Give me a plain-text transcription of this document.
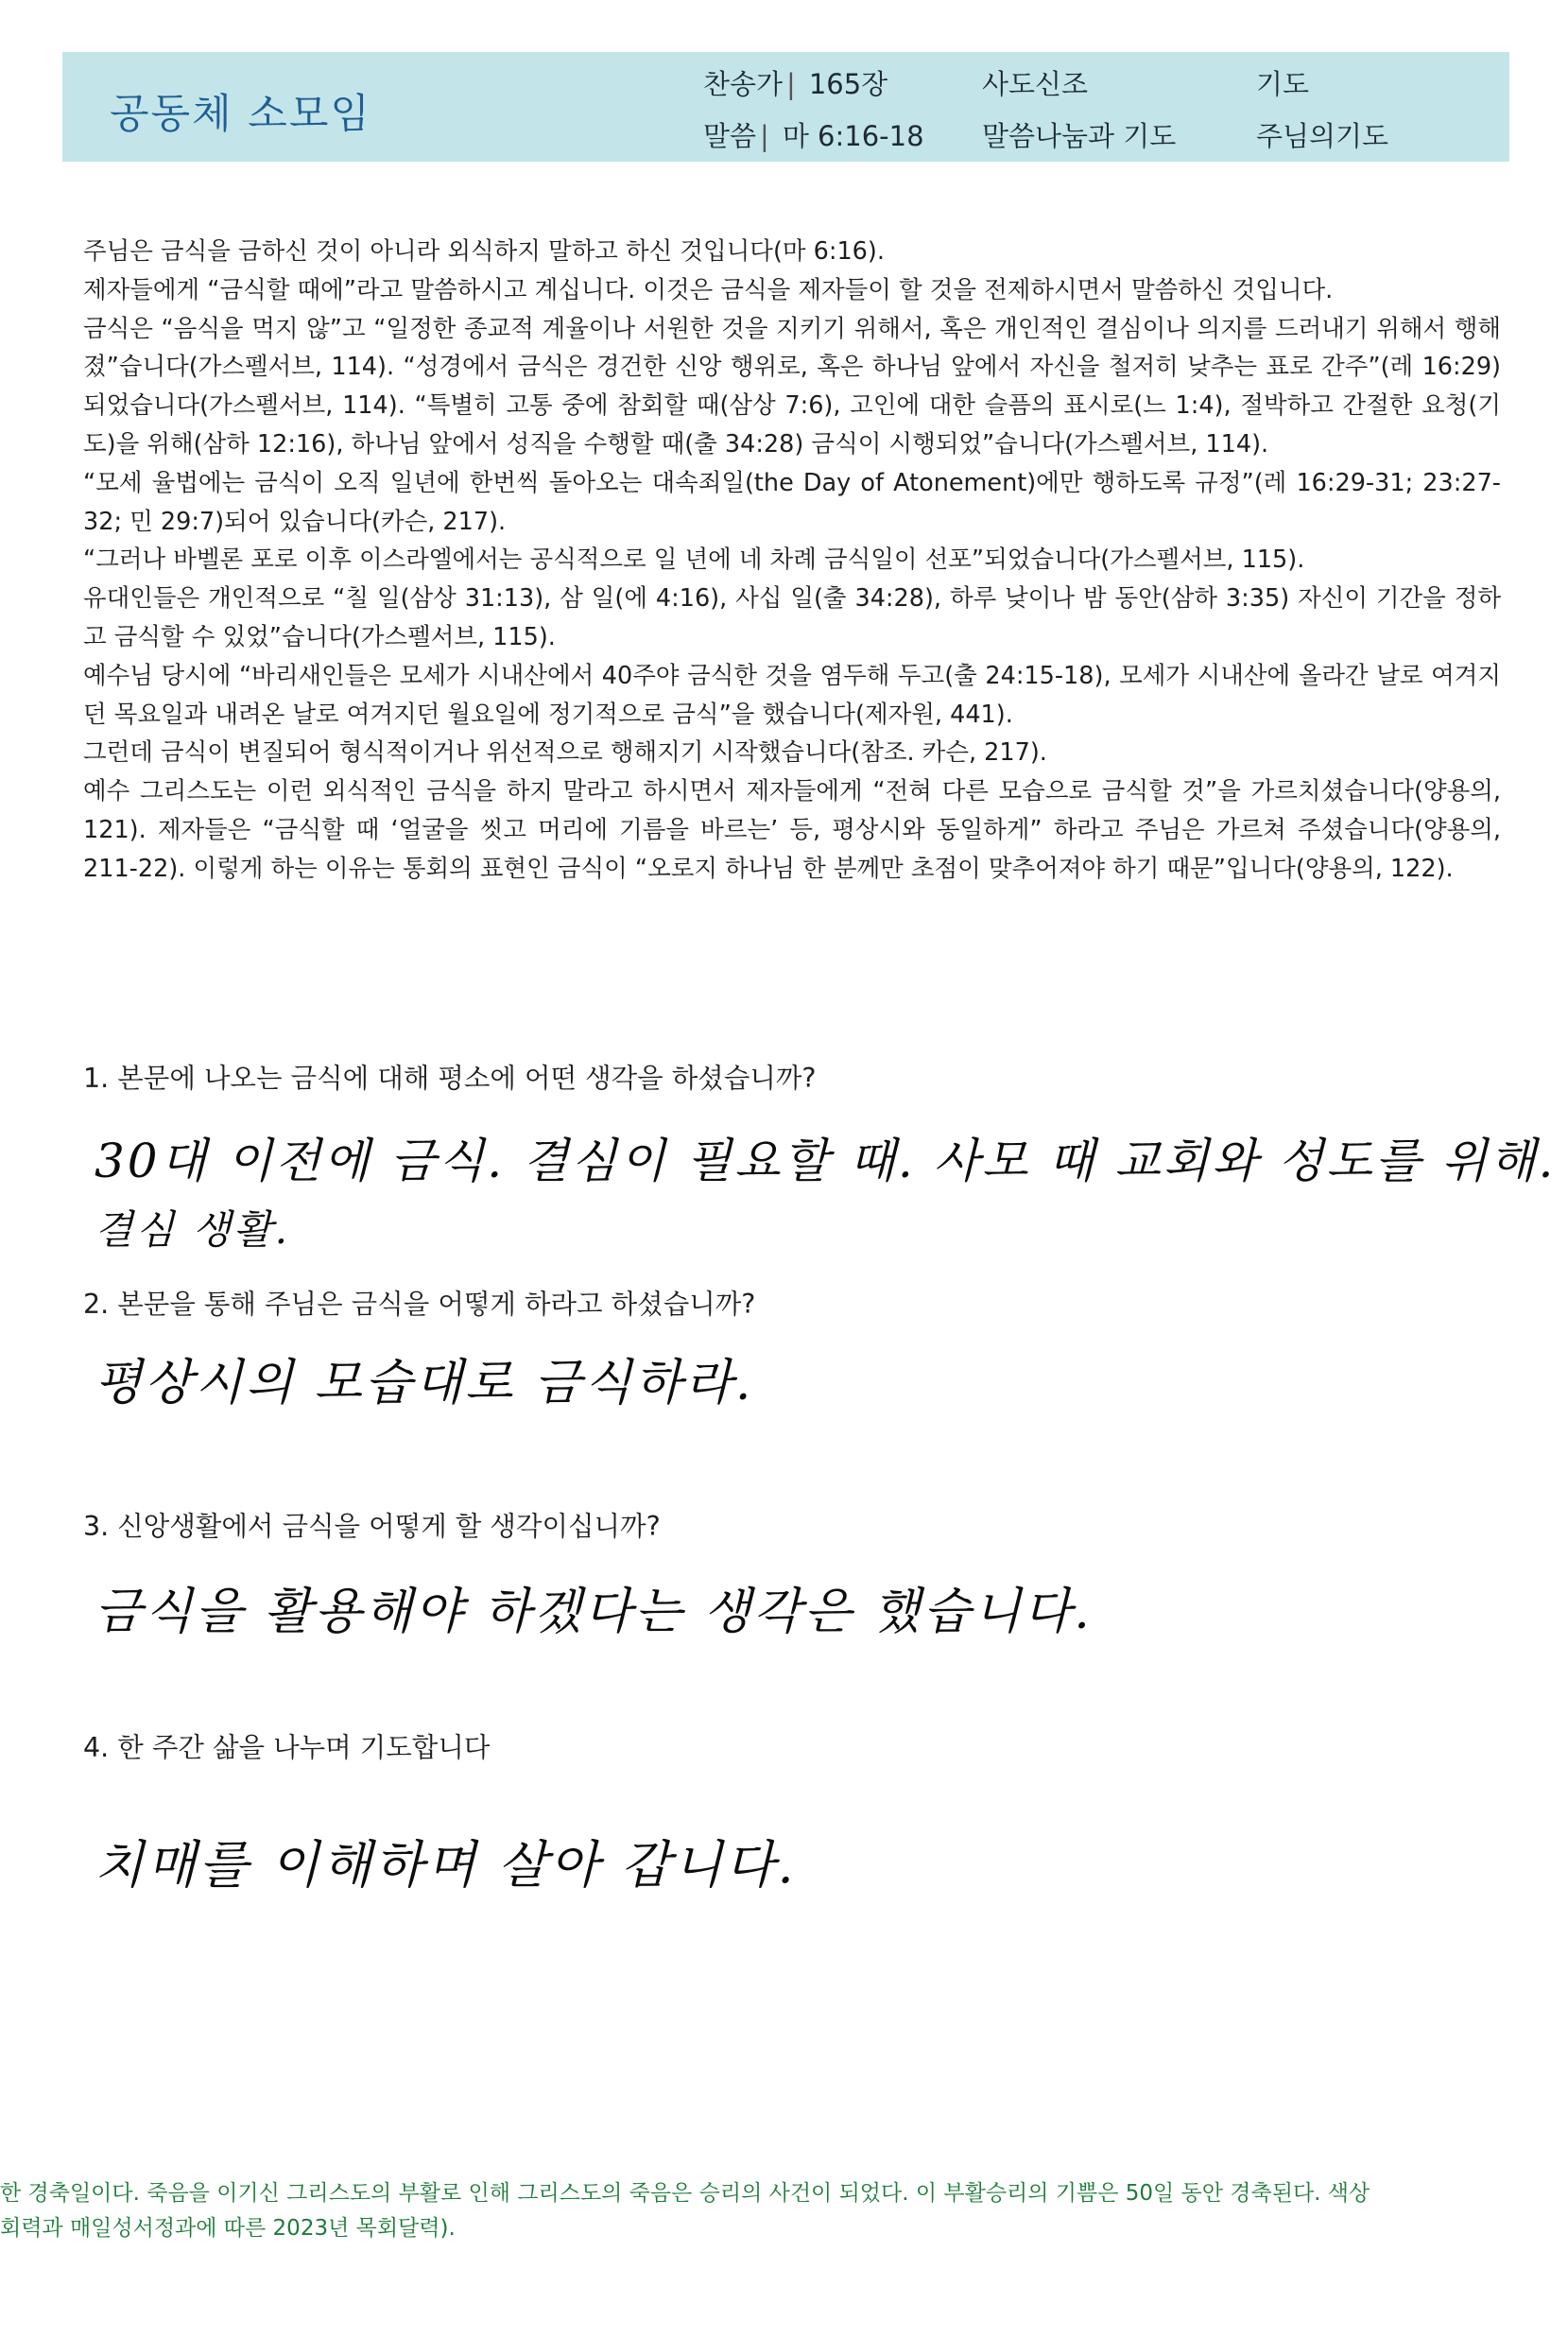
공동체 소모임
찬송가 | 165장
말씀 | 마 6:16-18
사도신조
말씀나눔과 기도
기도
주님의기도

주님은 금식을 금하신 것이 아니라 외식하지 말하고 하신 것입니다(마 6:16).

제자들에게 “금식할 때에”라고 말씀하시고 계십니다. 이것은 금식을 제자들이 할 것을 전제하시면서 말씀하신 것입니다.

금식은 “음식을 먹지 않”고 “일정한 종교적 계율이나 서원한 것을 지키기 위해서, 혹은 개인적인 결심이나 의지를 드러내기 위해서 행해졌”습니다(가스펠서브, 114). “성경에서 금식은 경건한 신앙 행위로, 혹은 하나님 앞에서 자신을 철저히 낮추는 표로 간주”(레 16:29)되었습니다(가스펠서브, 114). “특별히 고통 중에 참회할 때(삼상 7:6), 고인에 대한 슬픔의 표시로(느 1:4), 절박하고 간절한 요청(기도)을 위해(삼하 12:16), 하나님 앞에서 성직을 수행할 때(출 34:28) 금식이 시행되었”습니다(가스펠서브, 114).

“모세 율법에는 금식이 오직 일년에 한번씩 돌아오는 대속죄일(the Day of Atonement)에만 행하도록 규정”(레 16:29-31; 23:27-32; 민 29:7)되어 있습니다(카슨, 217).

“그러나 바벨론 포로 이후 이스라엘에서는 공식적으로 일 년에 네 차례 금식일이 선포”되었습니다(가스펠서브, 115).

유대인들은 개인적으로 “칠 일(삼상 31:13), 삼 일(에 4:16), 사십 일(출 34:28), 하루 낮이나 밤 동안(삼하 3:35) 자신이 기간을 정하고 금식할 수 있었”습니다(가스펠서브, 115).

예수님 당시에 “바리새인들은 모세가 시내산에서 40주야 금식한 것을 염두해 두고(출 24:15-18), 모세가 시내산에 올라간 날로 여겨지던 목요일과 내려온 날로 여겨지던 월요일에 정기적으로 금식”을 했습니다(제자원, 441).

그런데 금식이 변질되어 형식적이거나 위선적으로 행해지기 시작했습니다(참조. 카슨, 217).

예수 그리스도는 이런 외식적인 금식을 하지 말라고 하시면서 제자들에게 “전혀 다른 모습으로 금식할 것”을 가르치셨습니다(양용의, 121). 제자들은 “금식할 때 ‘얼굴을 씻고 머리에 기름을 바르는’ 등, 평상시와 동일하게” 하라고 주님은 가르쳐 주셨습니다(양용의, 211-22). 이렇게 하는 이유는 통회의 표현인 금식이 “오로지 하나님 한 분께만 초점이 맞추어져야 하기 때문”입니다(양용의, 122).

1. 본문에 나오는 금식에 대해 평소에 어떤 생각을 하셨습니까?
30대 이전에 금식. 결심이 필요할 때. 사모 때 교회와 성도를 위해.
결심 생활.
2. 본문을 통해 주님은 금식을 어떻게 하라고 하셨습니까?
평상시의 모습대로 금식하라.
3. 신앙생활에서 금식을 어떻게 할 생각이십니까?
금식을 활용해야 하겠다는 생각은 했습니다.
4. 한 주간 삶을 나누며 기도합니다
치매를 이해하며 살아 갑니다.

한 경축일이다. 죽음을 이기신 그리스도의 부활로 인해 그리스도의 죽음은 승리의 사건이 되었다. 이 부활승리의 기쁨은 50일 동안 경축된다. 색상

회력과 매일성서정과에 따른 2023년 목회달력).
